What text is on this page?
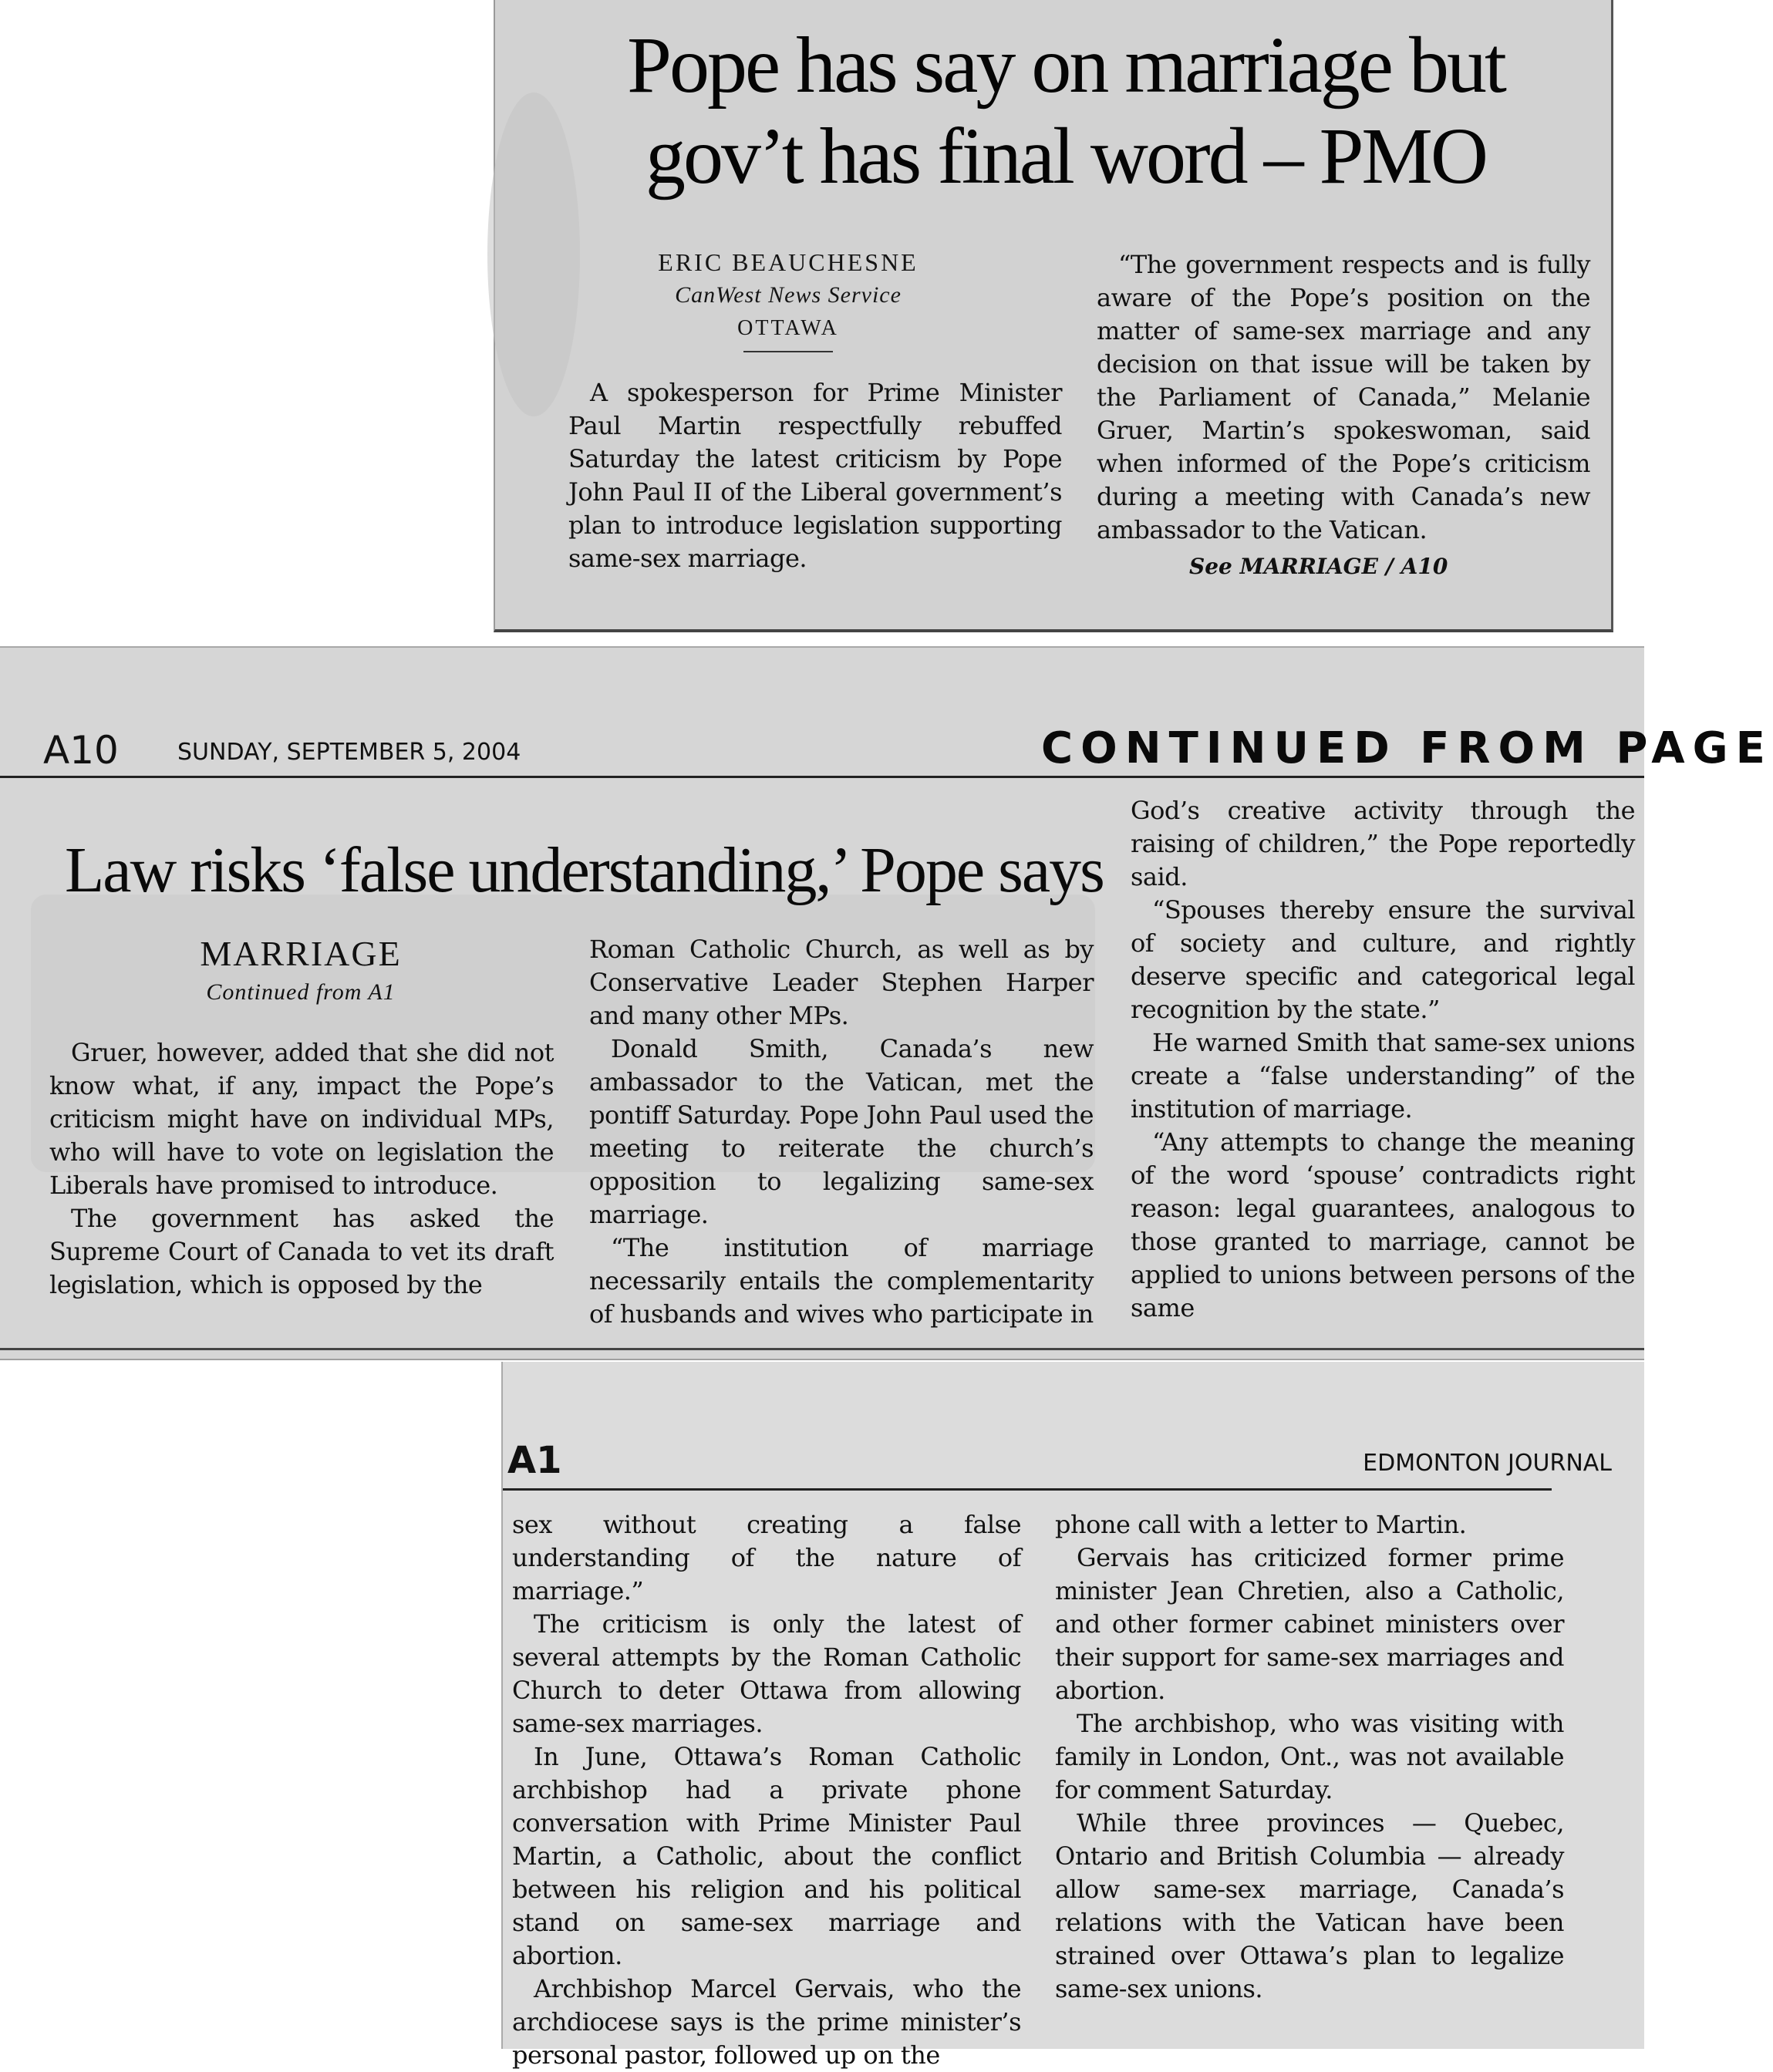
Pope has say on marriage but gov’t has final word – PMO
ERIC BEAUCHESNE
CanWest News Service
OTTAWA

A spokesperson for Prime Minister Paul Martin respectfully rebuffed Saturday the latest criticism by Pope John Paul II of the Liberal government’s plan to introduce legislation supporting same-sex marriage.

“The government respects and is fully aware of the Pope’s position on the matter of same-sex marriage and any decision on that issue will be taken by the Parliament of Canada,” Melanie Gruer, Martin’s spokeswoman, said when informed of the Pope’s criticism during a meeting with Canada’s new ambassador to the Vatican.

See MARRIAGE / A10
A10	SUNDAY, SEPTEMBER 5, 2004	CONTINUED FROM PAGE
Law risks ‘false understanding,’ Pope says
MARRIAGE
Continued from A1

Gruer, however, added that she did not know what, if any, impact the Pope’s criticism might have on individual MPs, who will have to vote on legislation the Liberals have promised to introduce.

The government has asked the Supreme Court of Canada to vet its draft legislation, which is opposed by the

Roman Catholic Church, as well as by Conservative Leader Stephen Harper and many other MPs.

Donald Smith, Canada’s new ambassador to the Vatican, met the pontiff Saturday. Pope John Paul used the meeting to reiterate the church’s opposition to legalizing same-sex marriage.

“The institution of marriage necessarily entails the complementarity of husbands and wives who participate in

God’s creative activity through the raising of children,” the Pope reportedly said.

“Spouses thereby ensure the survival of society and culture, and rightly deserve specific and categorical legal recognition by the state.”

He warned Smith that same-sex unions create a “false understanding” of the institution of marriage.

“Any attempts to change the meaning of the word ‘spouse’ contradicts right reason: legal guarantees, analogous to those granted to marriage, cannot be applied to unions between persons of the same

A1	EDMONTON JOURNAL

sex without creating a false understanding of the nature of marriage.”

The criticism is only the latest of several attempts by the Roman Catholic Church to deter Ottawa from allowing same-sex marriages.

In June, Ottawa’s Roman Catholic archbishop had a private phone conversation with Prime Minister Paul Martin, a Catholic, about the conflict between his religion and his political stand on same-sex marriage and abortion.

Archbishop Marcel Gervais, who the archdiocese says is the prime minister’s personal pastor, followed up on the

phone call with a letter to Martin.

Gervais has criticized former prime minister Jean Chretien, also a Catholic, and other former cabinet ministers over their support for same-sex marriages and abortion.

The archbishop, who was visiting with family in London, Ont., was not available for comment Saturday.

While three provinces — Quebec, Ontario and British Columbia — already allow same-sex marriage, Canada’s relations with the Vatican have been strained over Ottawa’s plan to legalize same-sex unions.
